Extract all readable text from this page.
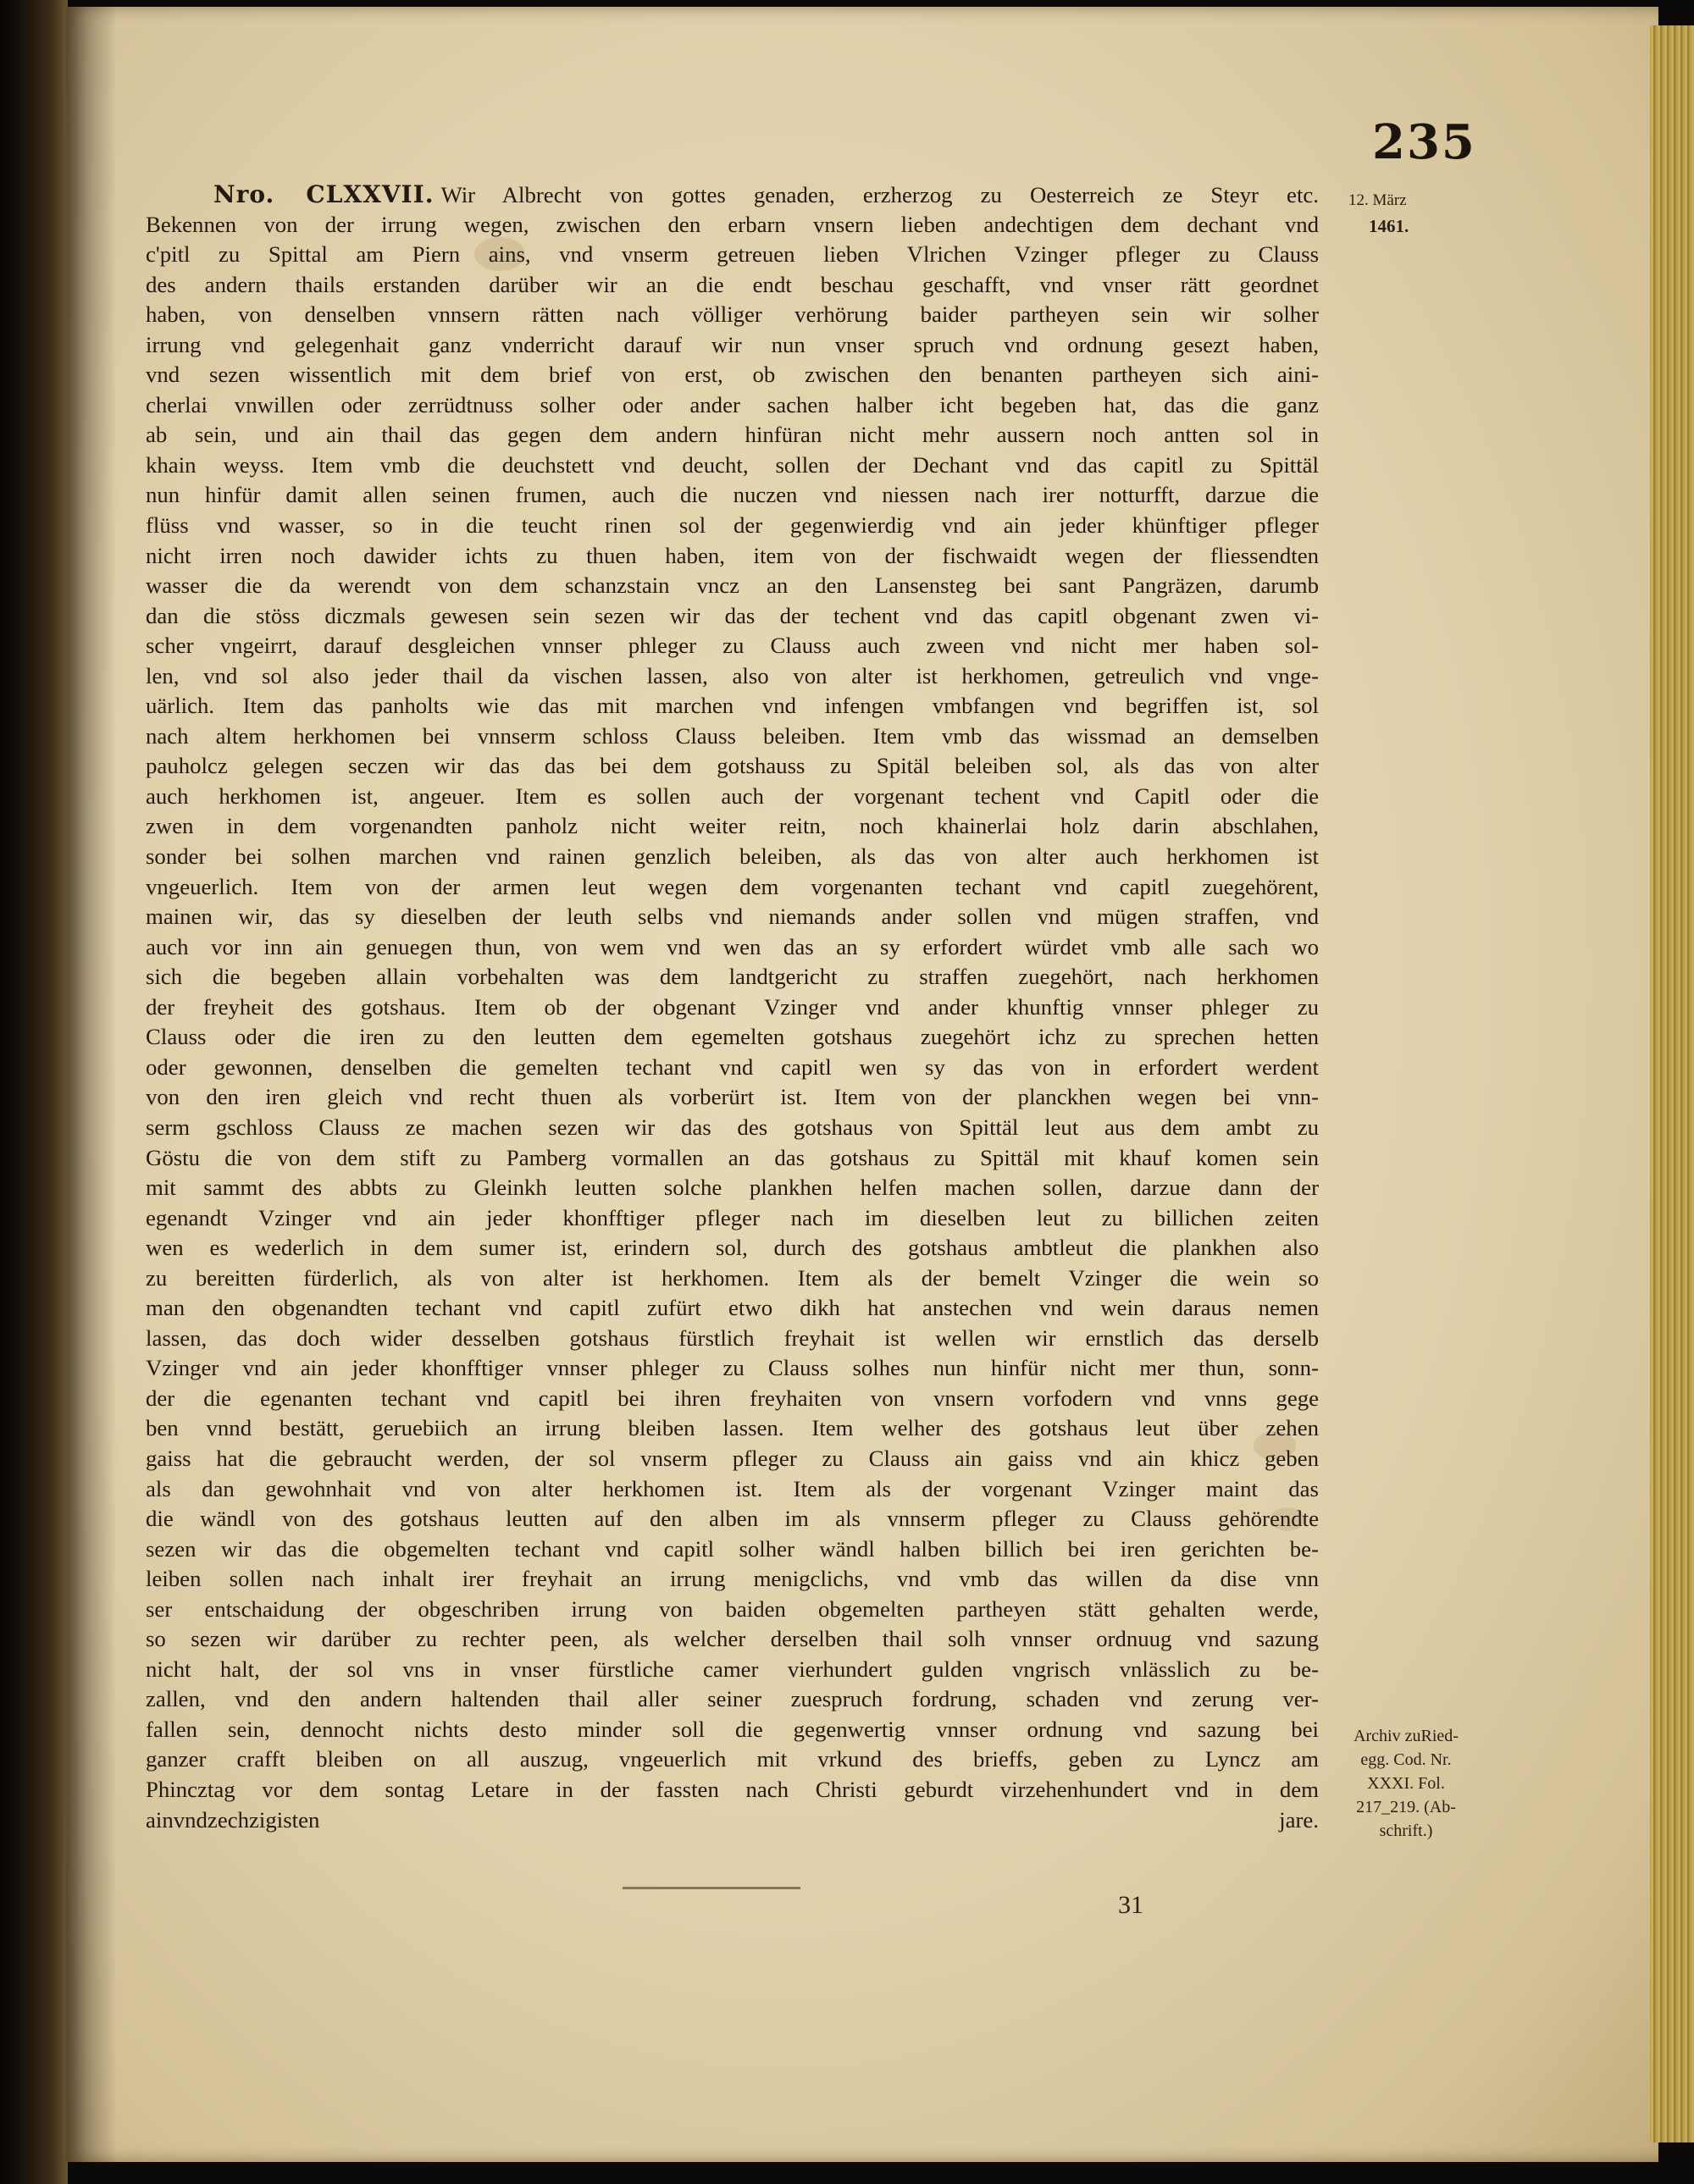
235
12. März
1461.
Nro. CLXXVII. Wir Albrecht von gottes genaden, erzherzog zu Oesterreich ze Steyr etc.
Bekennen von der irrung wegen, zwischen den erbarn vnsern lieben andechtigen dem dechant vnd
c'pitl zu Spittal am Piern ains, vnd vnserm getreuen lieben Vlrichen Vzinger pfleger zu Clauss
des andern thails erstanden darüber wir an die endt beschau geschafft, vnd vnser rätt geordnet
haben, von denselben vnnsern rätten nach völliger verhörung baider partheyen sein wir solher
irrung vnd gelegenhait ganz vnderricht darauf wir nun vnser spruch vnd ordnung gesezt haben,
vnd sezen wissentlich mit dem brief von erst, ob zwischen den benanten partheyen sich aini-
cherlai vnwillen oder zerrüdtnuss solher oder ander sachen halber icht begeben hat, das die ganz
ab sein, und ain thail das gegen dem andern hinfüran nicht mehr aussern noch antten sol in
khain weyss. Item vmb die deuchstett vnd deucht, sollen der Dechant vnd das capitl zu Spittäl
nun hinfür damit allen seinen frumen, auch die nuczen vnd niessen nach irer notturfft, darzue die
flüss vnd wasser, so in die teucht rinen sol der gegenwierdig vnd ain jeder khünftiger pfleger
nicht irren noch dawider ichts zu thuen haben, item von der fischwaidt wegen der fliessendten
wasser die da werendt von dem schanzstain vncz an den Lansensteg bei sant Pangräzen, darumb
dan die stöss diczmals gewesen sein sezen wir das der techent vnd das capitl obgenant zwen vi-
scher vngeirrt, darauf desgleichen vnnser phleger zu Clauss auch zween vnd nicht mer haben sol-
len, vnd sol also jeder thail da vischen lassen, also von alter ist herkhomen, getreulich vnd vnge-
uärlich. Item das panholts wie das mit marchen vnd infengen vmbfangen vnd begriffen ist, sol
nach altem herkhomen bei vnnserm schloss Clauss beleiben. Item vmb das wissmad an demselben
pauholcz gelegen seczen wir das das bei dem gotshauss zu Spitäl beleiben sol, als das von alter
auch herkhomen ist, angeuer. Item es sollen auch der vorgenant techent vnd Capitl oder die
zwen in dem vorgenandten panholz nicht weiter reitn, noch khainerlai holz darin abschlahen,
sonder bei solhen marchen vnd rainen genzlich beleiben, als das von alter auch herkhomen ist
vngeuerlich. Item von der armen leut wegen dem vorgenanten techant vnd capitl zuegehörent,
mainen wir, das sy dieselben der leuth selbs vnd niemands ander sollen vnd mügen straffen, vnd
auch vor inn ain genuegen thun, von wem vnd wen das an sy erfordert würdet vmb alle sach wo
sich die begeben allain vorbehalten was dem landtgericht zu straffen zuegehört, nach herkhomen
der freyheit des gotshaus. Item ob der obgenant Vzinger vnd ander khunftig vnnser phleger zu
Clauss oder die iren zu den leutten dem egemelten gotshaus zuegehört ichz zu sprechen hetten
oder gewonnen, denselben die gemelten techant vnd capitl wen sy das von in erfordert werdent
von den iren gleich vnd recht thuen als vorberürt ist. Item von der planckhen wegen bei vnn-
serm gschloss Clauss ze machen sezen wir das des gotshaus von Spittäl leut aus dem ambt zu
Göstu die von dem stift zu Pamberg vormallen an das gotshaus zu Spittäl mit khauf komen sein
mit sammt des abbts zu Gleinkh leutten solche plankhen helfen machen sollen, darzue dann der
egenandt Vzinger vnd ain jeder khonfftiger pfleger nach im dieselben leut zu billichen zeiten
wen es wederlich in dem sumer ist, erindern sol, durch des gotshaus ambtleut die plankhen also
zu bereitten fürderlich, als von alter ist herkhomen. Item als der bemelt Vzinger die wein so
man den obgenandten techant vnd capitl zufürt etwo dikh hat anstechen vnd wein daraus nemen
lassen, das doch wider desselben gotshaus fürstlich freyhait ist wellen wir ernstlich das derselb
Vzinger vnd ain jeder khonfftiger vnnser phleger zu Clauss solhes nun hinfür nicht mer thun, sonn-
der die egenanten techant vnd capitl bei ihren freyhaiten von vnsern vorfodern vnd vnns gege
ben vnnd bestätt, geruebiich an irrung bleiben lassen. Item welher des gotshaus leut über zehen
gaiss hat die gebraucht werden, der sol vnserm pfleger zu Clauss ain gaiss vnd ain khicz geben
als dan gewohnhait vnd von alter herkhomen ist. Item als der vorgenant Vzinger maint das
die wändl von des gotshaus leutten auf den alben im als vnnserm pfleger zu Clauss gehörendte
sezen wir das die obgemelten techant vnd capitl solher wändl halben billich bei iren gerichten be-
leiben sollen nach inhalt irer freyhait an irrung menigclichs, vnd vmb das willen da dise vnn
ser entschaidung der obgeschriben irrung von baiden obgemelten partheyen stätt gehalten werde,
so sezen wir darüber zu rechter peen, als welcher derselben thail solh vnnser ordnuug vnd sazung
nicht halt, der sol vns in vnser fürstliche camer vierhundert gulden vngrisch vnlässlich zu be-
zallen, vnd den andern haltenden thail aller seiner zuespruch fordrung, schaden vnd zerung ver-
fallen sein, dennocht nichts desto minder soll die gegenwertig vnnser ordnung vnd sazung bei
ganzer crafft bleiben on all auszug, vngeuerlich mit vrkund des brieffs, geben zu Lyncz am
Phincztag vor dem sontag Letare in der fassten nach Christi geburdt virzehenhundert vnd in dem
ainvndzechzigisten jare.
Archiv zuRied-
egg. Cod. Nr.
XXXI. Fol.
217_219. (Ab-
schrift.)
31
